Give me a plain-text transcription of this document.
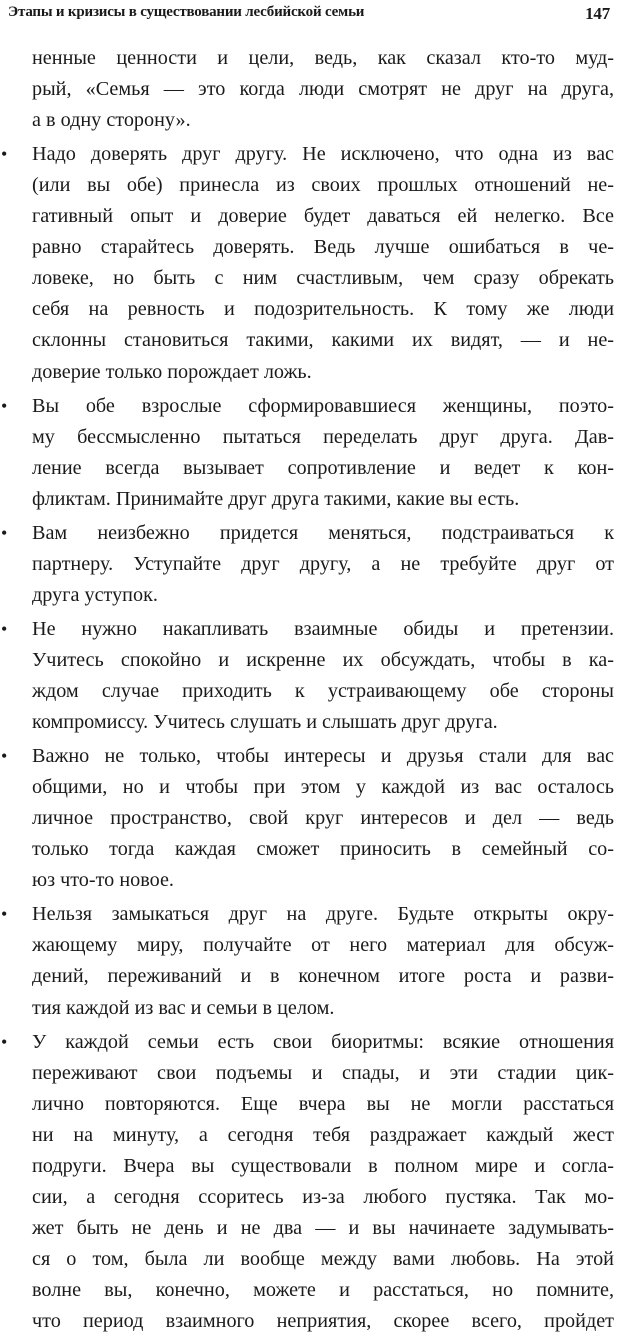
Этапы и кризисы в существовании лесбийской семьи	147
ненные ценности и цели, ведь, как сказал кто-то муд-
рый, «Семья — это когда люди смотрят не друг на друга,
а в одну сторону».
•	Надо доверять друг другу. Не исключено, что одна из вас
(или вы обе) принесла из своих прошлых отношений не-
гативный опыт и доверие будет даваться ей нелегко. Все
равно старайтесь доверять. Ведь лучше ошибаться в че-
ловеке, но быть с ним счастливым, чем сразу обрекать
себя на ревность и подозрительность. К тому же люди
склонны становиться такими, какими их видят, — и не-
доверие только порождает ложь.
•	Вы обе взрослые сформировавшиеся женщины, поэто-
му бессмысленно пытаться переделать друг друга. Дав-
ление всегда вызывает сопротивление и ведет к кон-
фликтам. Принимайте друг друга такими, какие вы есть.
•	Вам неизбежно придется меняться, подстраиваться к
партнеру. Уступайте друг другу, а не требуйте друг от
друга уступок.
•	Не нужно накапливать взаимные обиды и претензии.
Учитесь спокойно и искренне их обсуждать, чтобы в ка-
ждом случае приходить к устраивающему обе стороны
компромиссу. Учитесь слушать и слышать друг друга.
•	Важно не только, чтобы интересы и друзья стали для вас
общими, но и чтобы при этом у каждой из вас осталось
личное пространство, свой круг интересов и дел — ведь
только тогда каждая сможет приносить в семейный со-
юз что-то новое.
•	Нельзя замыкаться друг на друге. Будьте открыты окру-
жающему миру, получайте от него материал для обсуж-
дений, переживаний и в конечном итоге роста и разви-
тия каждой из вас и семьи в целом.
•	У каждой семьи есть свои биоритмы: всякие отношения
переживают свои подъемы и спады, и эти стадии цик-
лично повторяются. Еще вчера вы не могли расстаться
ни на минуту, а сегодня тебя раздражает каждый жест
подруги. Вчера вы существовали в полном мире и согла-
сии, а сегодня ссоритесь из-за любого пустяка. Так мо-
жет быть не день и не два — и вы начинаете задумывать-
ся о том, была ли вообще между вами любовь. На этой
волне вы, конечно, можете и расстаться, но помните,
что период взаимного неприятия, скорее всего, пройдет
